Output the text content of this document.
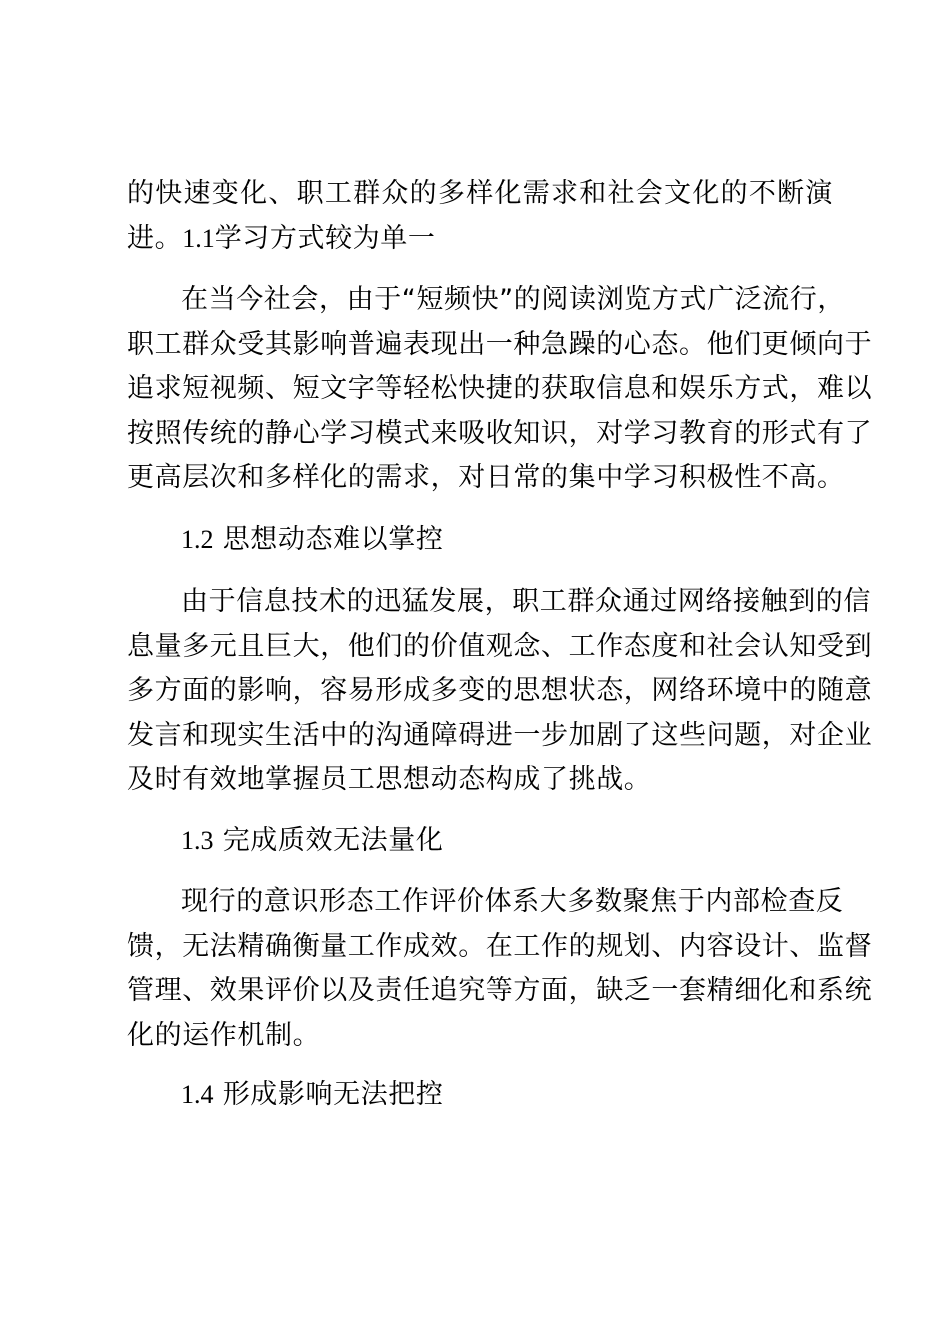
的快速变化、职工群众的多样化需求和社会文化的不断演
进。1.1学习方式较为单一
在当今社会，由于“短频快”的阅读浏览方式广泛流行，
职工群众受其影响普遍表现出一种急躁的心态。他们更倾向于
追求短视频、短文字等轻松快捷的获取信息和娱乐方式，难以
按照传统的静心学习模式来吸收知识，对学习教育的形式有了
更高层次和多样化的需求，对日常的集中学习积极性不高。
1.2 思想动态难以掌控
由于信息技术的迅猛发展，职工群众通过网络接触到的信
息量多元且巨大，他们的价值观念、工作态度和社会认知受到
多方面的影响，容易形成多变的思想状态，网络环境中的随意
发言和现实生活中的沟通障碍进一步加剧了这些问题，对企业
及时有效地掌握员工思想动态构成了挑战。
1.3 完成质效无法量化
现行的意识形态工作评价体系大多数聚焦于内部检查反
馈，无法精确衡量工作成效。在工作的规划、内容设计、监督
管理、效果评价以及责任追究等方面，缺乏一套精细化和系统
化的运作机制。
1.4 形成影响无法把控
